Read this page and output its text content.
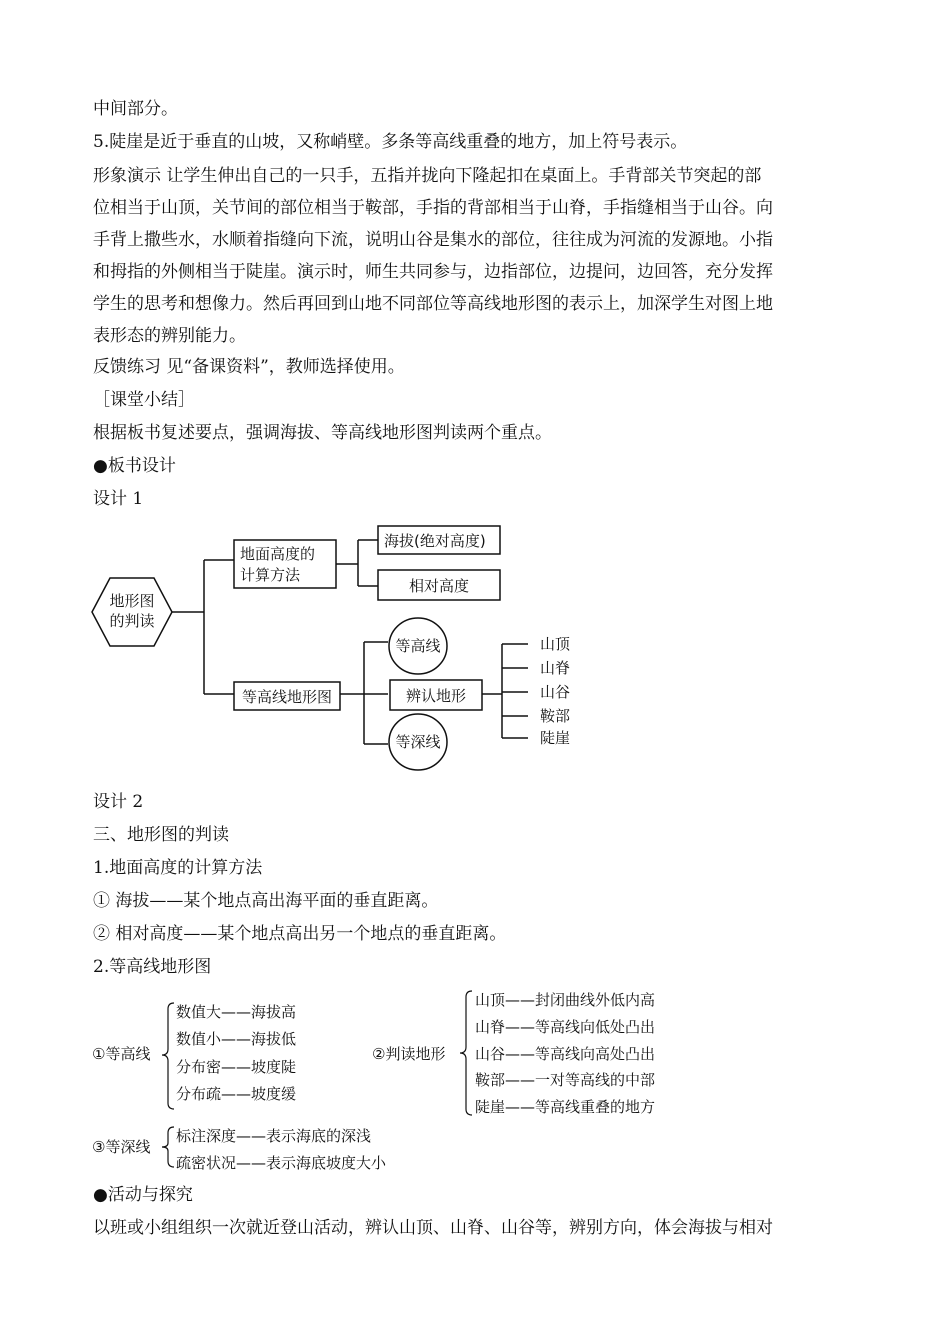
中间部分。
5.陡崖是近于垂直的山坡，又称峭壁。多条等高线重叠的地方，加上符号表示。
形象演示 让学生伸出自己的一只手，五指并拢向下隆起扣在桌面上。手背部关节突起的部
位相当于山顶，关节间的部位相当于鞍部，手指的背部相当于山脊，手指缝相当于山谷。向
手背上撒些水，水顺着指缝向下流，说明山谷是集水的部位，往往成为河流的发源地。小指
和拇指的外侧相当于陡崖。演示时，师生共同参与，边指部位，边提问，边回答，充分发挥
学生的思考和想像力。然后再回到山地不同部位等高线地形图的表示上，加深学生对图上地
表形态的辨别能力。
反馈练习 见“备课资料”，教师选择使用。
［课堂小结］
根据板书复述要点，强调海拔、等高线地形图判读两个重点。
●板书设计
设计 1
地形图
的判读
地面高度的
计算方法
海拔(绝对高度)
相对高度
等高线地形图
等高线
辨认地形
等深线
山顶
山脊
山谷
鞍部
陡崖
设计 2
三、地形图的判读
1.地面高度的计算方法
① 海拔——某个地点高出海平面的垂直距离。
② 相对高度——某个地点高出另一个地点的垂直距离。
2.等高线地形图
①等高线
数值大——海拔高
数值小——海拔低
分布密——坡度陡
分布疏——坡度缓
②判读地形
山顶——封闭曲线外低内高
山脊——等高线向低处凸出
山谷——等高线向高处凸出
鞍部——一对等高线的中部
陡崖——等高线重叠的地方
③等深线
标注深度——表示海底的深浅
疏密状况——表示海底坡度大小
●活动与探究
以班或小组组织一次就近登山活动，辨认山顶、山脊、山谷等，辨别方向，体会海拔与相对
